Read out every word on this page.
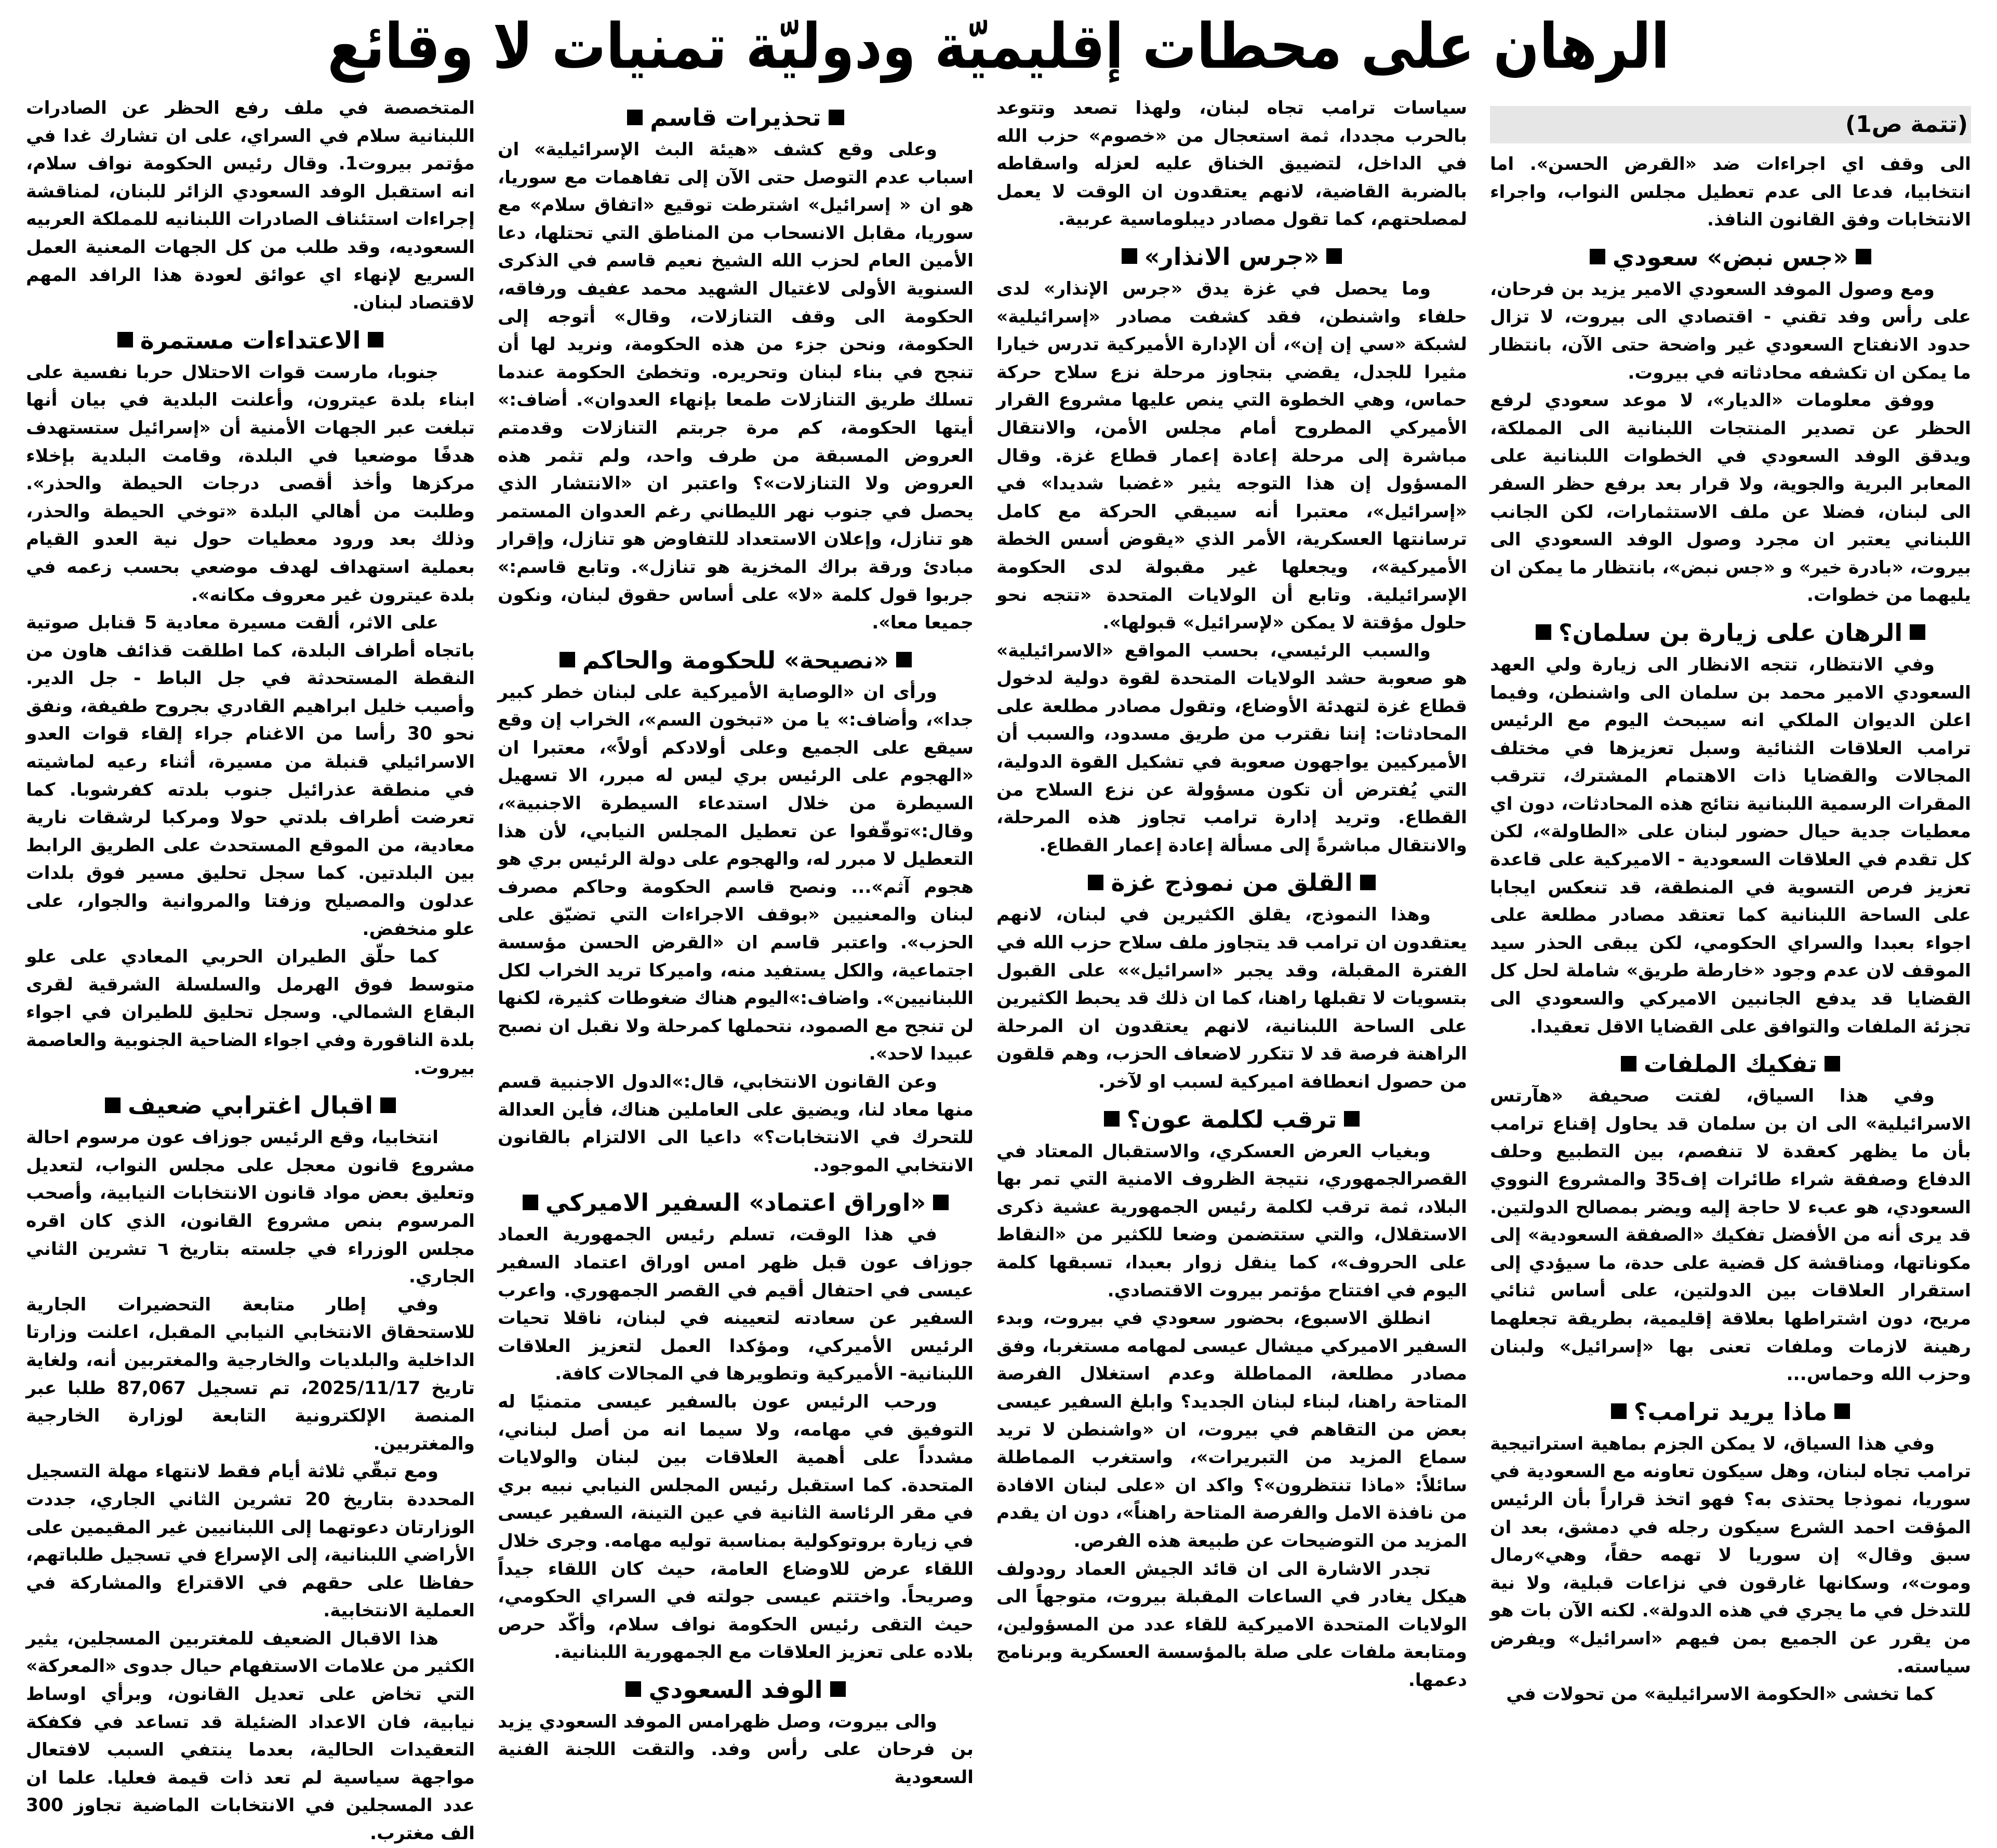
الرهان على محطات إقليميّة ودوليّة تمنيات لا وقائع
(تتمة ص1)

الى وقف اي اجراءات ضد «القرض الحسن». اما انتخابيا، فدعا الى عدم تعطيل مجلس النواب، واجراء الانتخابات وفق القانون النافذ.

«جس نبض» سعودي

ومع وصول الموفد السعودي الامير يزيد بن فرحان، على رأس وفد تقني - اقتصادي الى بيروت، لا تزال حدود الانفتاح السعودي غير واضحة حتى الآن، بانتظار ما يمكن ان تكشفه محادثاته في بيروت.

ووفق معلومات «الديار»، لا موعد سعودي لرفع الحظر عن تصدير المنتجات اللبنانية الى المملكة، ويدقق الوفد السعودي في الخطوات اللبنانية على المعابر البرية والجوية، ولا قرار بعد برفع حظر السفر الى لبنان، فضلا عن ملف الاستثمارات، لكن الجانب اللبناني يعتبر ان مجرد وصول الوفد السعودي الى بيروت، «بادرة خير» و «جس نبض»، بانتظار ما يمكن ان يليهما من خطوات.

الرهان على زيارة بن سلمان؟

وفي الانتظار، تتجه الانظار الى زيارة ولي العهد السعودي الامير محمد بن سلمان الى واشنطن، وفيما اعلن الديوان الملكي انه سيبحث اليوم مع الرئيس ترامب العلاقات الثنائية وسبل تعزيزها في مختلف المجالات والقضايا ذات الاهتمام المشترك، تترقب المقرات الرسمية اللبنانية نتائج هذه المحادثات، دون اي معطيات جدية حيال حضور لبنان على «الطاولة»، لكن كل تقدم في العلاقات السعودية - الاميركية على قاعدة تعزيز فرص التسوية في المنطقة، قد تنعكس ايجابا على الساحة اللبنانية كما تعتقد مصادر مطلعة على اجواء بعبدا والسراي الحكومي، لكن يبقى الحذر سيد الموقف لان عدم وجود «خارطة طريق» شاملة لحل كل القضايا قد يدفع الجانبين الاميركي والسعودي الى تجزئة الملفات والتوافق على القضايا الاقل تعقيدا.

تفكيك الملفات

وفي هذا السياق، لفتت صحيفة «هآرتس الاسرائيلية» الى ان بن سلمان قد يحاول إقناع ترامب بأن ما يظهر كعقدة لا تنفصم، بين التطبيع وحلف الدفاع وصفقة شراء طائرات إف35 والمشروع النووي السعودي، هو عبء لا حاجة إليه ويضر بمصالح الدولتين. قد يرى أنه من الأفضل تفكيك «الصفقة السعودية» إلى مكوناتها، ومناقشة كل قضية على حدة، ما سيؤدي إلى استقرار العلاقات بين الدولتين، على أساس ثنائي مريح، دون اشتراطها بعلاقة إقليمية، بطريقة تجعلهما رهينة لازمات وملفات تعنى بها «إسرائيل» ولبنان وحزب الله وحماس...

ماذا يريد ترامب؟

وفي هذا السياق، لا يمكن الجزم بماهية استراتيجية ترامب تجاه لبنان، وهل سيكون تعاونه مع السعودية في سوريا، نموذجا يحتذى به؟ فهو اتخذ قراراً بأن الرئيس المؤقت احمد الشرع سيكون رجله في دمشق، بعد ان سبق وقال» إن سوريا لا تهمه حقاً، وهي»رمال وموت»، وسكانها غارقون في نزاعات قبلية، ولا نية للتدخل في ما يجري في هذه الدولة». لكنه الآن بات هو من يقرر عن الجميع بمن فيهم «اسرائيل» ويفرض سياسته.

كما تخشى «الحكومة الاسرائيلية» من تحولات في

سياسات ترامب تجاه لبنان، ولهذا تصعد وتتوعد بالحرب مجددا، ثمة استعجال من «خصوم» حزب الله في الداخل، لتضييق الخناق عليه لعزله واسقاطه بالضربة القاضية، لانهم يعتقدون ان الوقت لا يعمل لمصلحتهم، كما تقول مصادر ديبلوماسية عربية.

«جرس الانذار»

وما يحصل في غزة يدق «جرس الإنذار» لدى حلفاء واشنطن، فقد كشفت مصادر «إسرائيلية» لشبكة «سي إن إن»، أن الإدارة الأميركية تدرس خيارا مثيرا للجدل، يقضي بتجاوز مرحلة نزع سلاح حركة حماس، وهي الخطوة التي ينص عليها مشروع القرار الأميركي المطروح أمام مجلس الأمن، والانتقال مباشرة إلى مرحلة إعادة إعمار قطاع غزة. وقال المسؤول إن هذا التوجه يثير «غضبا شديدا» في «إسرائيل»، معتبرا أنه سيبقي الحركة مع كامل ترسانتها العسكرية، الأمر الذي «يقوض أسس الخطة الأميركية»، ويجعلها غير مقبولة لدى الحكومة الإسرائيلية. وتابع أن الولايات المتحدة «تتجه نحو حلول مؤقتة لا يمكن «لإسرائيل» قبولها».

والسبب الرئيسي، بحسب المواقع «الاسرائيلية» هو صعوبة حشد الولايات المتحدة لقوة دولية لدخول قطاع غزة لتهدئة الأوضاع، وتقول مصادر مطلعة على المحادثات: إننا نقترب من طريق مسدود، والسبب أن الأميركيين يواجهون صعوبة في تشكيل القوة الدولية، التي يُفترض أن تكون مسؤولة عن نزع السلاح من القطاع. وتريد إدارة ترامب تجاوز هذه المرحلة، والانتقال مباشرةً إلى مسألة إعادة إعمار القطاع.

القلق من نموذج غزة

وهذا النموذج، يقلق الكثيرين في لبنان، لانهم يعتقدون ان ترامب قد يتجاوز ملف سلاح حزب الله في الفترة المقبلة، وقد يجبر «اسرائيل»» على القبول بتسويات لا تقبلها راهنا، كما ان ذلك قد يحبط الكثيرين على الساحة اللبنانية، لانهم يعتقدون ان المرحلة الراهنة فرصة قد لا تتكرر لاضعاف الحزب، وهم قلقون من حصول انعطافة اميركية لسبب او لآخر.

ترقب لكلمة عون؟

وبغياب العرض العسكري، والاستقبال المعتاد في القصرالجمهوري، نتيجة الظروف الامنية التي تمر بها البلاد، ثمة ترقب لكلمة رئيس الجمهورية عشية ذكرى الاستقلال، والتي ستتضمن وضعا للكثير من «النقاط على الحروف»، كما ينقل زوار بعبدا، تسبقها كلمة اليوم في افتتاح مؤتمر بيروت الاقتصادي.

انطلق الاسبوع، بحضور سعودي في بيروت، وبدء السفير الاميركي ميشال عيسى لمهامه مستغربا، وفق مصادر مطلعة، المماطلة وعدم استغلال الفرصة المتاحة راهنا، لبناء لبنان الجديد؟ وابلغ السفير عيسى بعض من التقاهم في بيروت، ان «واشنطن لا تريد سماع المزيد من التبريرات»، واستغرب المماطلة سائلاً: «ماذا تنتظرون»؟ واكد ان «على لبنان الافادة من نافذة الامل والفرصة المتاحة راهناً»، دون ان يقدم المزيد من التوضيحات عن طبيعة هذه الفرص.

تجدر الاشارة الى ان قائد الجيش العماد رودولف هيكل يغادر في الساعات المقبلة بيروت، متوجهاً الى الولايات المتحدة الاميركية للقاء عدد من المسؤولين، ومتابعة ملفات على صلة بالمؤسسة العسكرية وبرنامج دعمها.

تحذيرات قاسم

وعلى وقع كشف «هيئة البث الإسرائيلية» ان اسباب عدم التوصل حتى الآن إلى تفاهمات مع سوريا، هو ان « إسرائيل» اشترطت توقيع «اتفاق سلام» مع سوريا، مقابل الانسحاب من المناطق التي تحتلها، دعا الأمين العام لحزب الله الشيخ نعيم قاسم في الذكرى السنوية الأولى لاغتيال الشهيد محمد عفيف ورفاقه، الحكومة الى وقف التنازلات، وقال» أتوجه إلى الحكومة، ونحن جزء من هذه الحكومة، ونريد لها أن تنجح في بناء لبنان وتحريره. وتخطئ الحكومة عندما تسلك طريق التنازلات طمعا بإنهاء العدوان». أضاف:» أيتها الحكومة، كم مرة جربتم التنازلات وقدمتم العروض المسبقة من طرف واحد، ولم تثمر هذه العروض ولا التنازلات»؟ واعتبر ان «الانتشار الذي يحصل في جنوب نهر الليطاني رغم العدوان المستمر هو تنازل، وإعلان الاستعداد للتفاوض هو تنازل، وإقرار مبادئ ورقة براك المخزية هو تنازل». وتابع قاسم:» جربوا قول كلمة «لا» على أساس حقوق لبنان، ونكون جميعا معا».

«نصيحة» للحكومة والحاكم

ورأى ان «الوصاية الأميركية على لبنان خطر كبير جدا»، وأضاف:» يا من «تبخون السم»، الخراب إن وقع سيقع على الجميع وعلى أولادكم أولاً»، معتبرا ان «الهجوم على الرئيس بري ليس له مبرر، الا تسهيل السيطرة من خلال استدعاء السيطرة الاجنبية»، وقال:»توقّفوا عن تعطيل المجلس النيابي، لأن هذا التعطيل لا مبرر له، والهجوم على دولة الرئيس بري هو هجوم آثم»... ونصح قاسم الحكومة وحاكم مصرف لبنان والمعنيين «بوقف الاجراءات التي تضيّق على الحزب». واعتبر قاسم ان «القرض الحسن مؤسسة اجتماعية، والكل يستفيد منه، واميركا تريد الخراب لكل اللبنانيين». واضاف:»اليوم هناك ضغوطات كثيرة، لكنها لن تنجح مع الصمود، نتحملها كمرحلة ولا نقبل ان نصبح عبيدا لاحد».

وعن القانون الانتخابي، قال:»الدول الاجنبية قسم منها معاد لنا، ويضيق على العاملين هناك، فأين العدالة للتحرك في الانتخابات؟» داعيا الى الالتزام بالقانون الانتخابي الموجود.

«اوراق اعتماد» السفير الاميركي

في هذا الوقت، تسلم رئيس الجمهورية العماد جوزاف عون قبل ظهر امس اوراق اعتماد السفير عيسى في احتفال أقيم في القصر الجمهوري. واعرب السفير عن سعادته لتعيينه في لبنان، ناقلا تحيات الرئيس الأميركي، ومؤكدا العمل لتعزيز العلاقات اللبنانية- الأميركية وتطويرها في المجالات كافة.

ورحب الرئيس عون بالسفير عيسى متمنيًا له التوفيق في مهامه، ولا سيما انه من أصل لبناني، مشدداً على أهمية العلاقات بين لبنان والولايات المتحدة. كما استقبل رئيس المجلس النيابي نبيه بري في مقر الرئاسة الثانية في عين التينة، السفير عيسى في زيارة بروتوكولية بمناسبة توليه مهامه. وجرى خلال اللقاء عرض للاوضاع العامة، حيث كان اللقاء جيداً وصريحاً. واختتم عيسى جولته في السراي الحكومي، حيث التقى رئيس الحكومة نواف سلام، وأكّد حرص بلاده على تعزيز العلاقات مع الجمهورية اللبنانية.

الوفد السعودي

والى بيروت، وصل ظهرامس الموفد السعودي يزيد بن فرحان على رأس وفد. والتقت اللجنة الفنية السعودية

المتخصصة في ملف رفع الحظر عن الصادرات اللبنانية سلام في السراي، على ان تشارك غدا في مؤتمر بيروت1. وقال رئيس الحكومة نواف سلام، انه استقبل الوفد السعودي الزائر للبنان، لمناقشة إجراءات استئناف الصادرات اللبنانيه للمملكة العربيه السعوديه، وقد طلب من كل الجهات المعنية العمل السريع لإنهاء اي عوائق لعودة هذا الرافد المهم لاقتصاد لبنان.

الاعتداءات مستمرة

جنوبا، مارست قوات الاحتلال حربا نفسية على ابناء بلدة عيترون، وأعلنت البلدية في بيان أنها تبلغت عبر الجهات الأمنية أن «إسرائيل ستستهدف هدفًا موضعيا في البلدة، وقامت البلدية بإخلاء مركزها وأخذ أقصى درجات الحيطة والحذر». وطلبت من أهالي البلدة «توخي الحيطة والحذر، وذلك بعد ورود معطيات حول نية العدو القيام بعملية استهداف لهدف موضعي بحسب زعمه في بلدة عيترون غير معروف مكانه».

على الاثر، ألقت مسيرة معادية 5 قنابل صوتية باتجاه أطراف البلدة، كما اطلقت قذائف هاون من النقطة المستحدثة في جل الباط - جل الدير. وأصيب خليل ابراهيم القادري بجروح طفيفة، ونفق نحو 30 رأسا من الاغنام جراء إلقاء قوات العدو الاسرائيلي قنبلة من مسيرة، أثناء رعيه لماشيته في منطقة عذرائيل جنوب بلدته كفرشوبا. كما تعرضت أطراف بلدتي حولا ومركبا لرشقات نارية معادية، من الموقع المستحدث على الطريق الرابط بين البلدتين. كما سجل تحليق مسير فوق بلدات عدلون والمصيلح وزفتا والمروانية والجوار، على علو منخفض.

كما حلّق الطيران الحربي المعادي على علو متوسط فوق الهرمل والسلسلة الشرقية لقرى البقاع الشمالي. وسجل تحليق للطيران في اجواء بلدة الناقورة وفي اجواء الضاحية الجنوبية والعاصمة بيروت.

اقبال اغترابي ضعيف

انتخابيا، وقع الرئيس جوزاف عون مرسوم احالة مشروع قانون معجل على مجلس النواب، لتعديل وتعليق بعض مواد قانون الانتخابات النيابية، وأصحب المرسوم بنص مشروع القانون، الذي كان اقره مجلس الوزراء في جلسته بتاريخ ٦ تشرين الثاني الجاري.

وفي إطار متابعة التحضيرات الجارية للاستحقاق الانتخابي النيابي المقبل، اعلنت وزارتا الداخلية والبلديات والخارجية والمغتربين أنه، ولغاية تاريخ 2025/11/17، تم تسجيل 87,067 طلبا عبر المنصة الإلكترونية التابعة لوزارة الخارجية والمغتربين.

ومع تبقّي ثلاثة أيام فقط لانتهاء مهلة التسجيل المحددة بتاريخ 20 تشرين الثاني الجاري، جددت الوزارتان دعوتهما إلى اللبنانيين غير المقيمين على الأراضي اللبنانية، إلى الإسراع في تسجيل طلباتهم، حفاظا على حقهم في الاقتراع والمشاركة في العملية الانتخابية.

هذا الاقبال الضعيف للمغتربين المسجلين، يثير الكثير من علامات الاستفهام حيال جدوى «المعركة» التي تخاض على تعديل القانون، وبرأي اوساط نيابية، فان الاعداد الضئيلة قد تساعد في فكفكة التعقيدات الحالية، بعدما ينتفي السبب لافتعال مواجهة سياسية لم تعد ذات قيمة فعليا. علما ان عدد المسجلين في الانتخابات الماضية تجاوز 300 الف مغترب.
